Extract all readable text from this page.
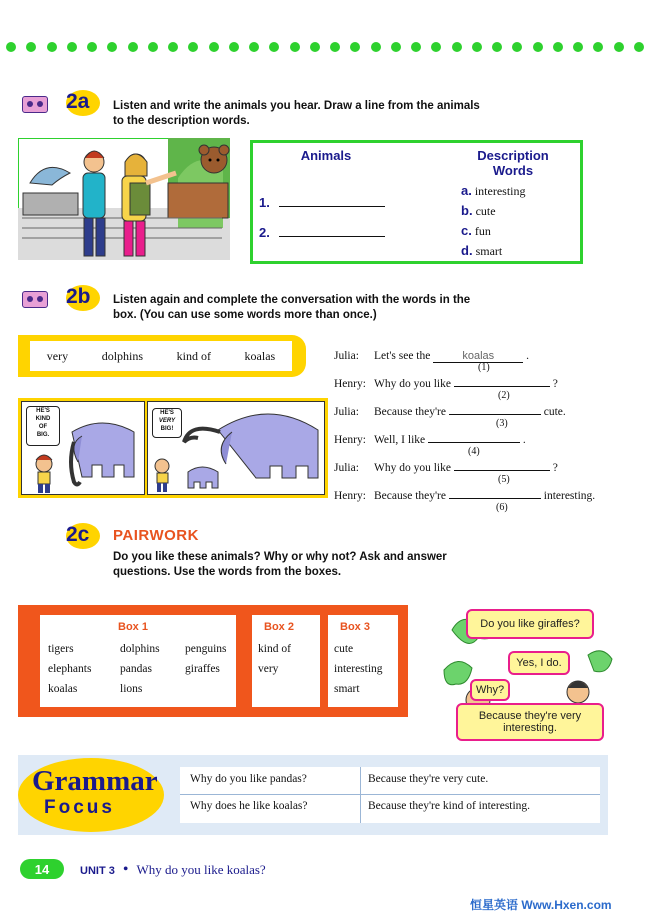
2a Listen and write the animals you hear. Draw a line from the animals
to the description words.
Animals	Description
Words
1.
2.
a. interesting
b. cute
c. fun
d. smart
2b Listen again and complete the conversation with the words in the
box. (You can use some words more than once.)
very	dolphins	kind of	koalas
HE'S
KIND
OF
BIG.
HE'S
VERY
BIG!
Julia: Let's see the	koalas	.
(1)
Henry: Why do you like	?
(2)
Julia: Because they're	cute.
(3)
Henry: Well, I like	.
(4)
Julia: Why do you like	?
(5)
Henry: Because they're	interesting.
(6)
2c PAIRWORK
Do you like these animals? Why or why not? Ask and answer
questions. Use the words from the boxes.
Box 1
tigers	dolphins penguins
elephants pandas	giraffes
koalas	lions
Box 2
kind of
very
Box 3
cute
interesting
smart
Do you like giraffes?
Yes, I do.
Why?
Because they're very
interesting.
Grammar
Focus
Why do you like pandas?	Because they're very cute.
Why does he like koalas?	Because they're kind of interesting.
14	UNIT 3 • Why do you like koalas?
恒星英语 Www.Hxen.com
